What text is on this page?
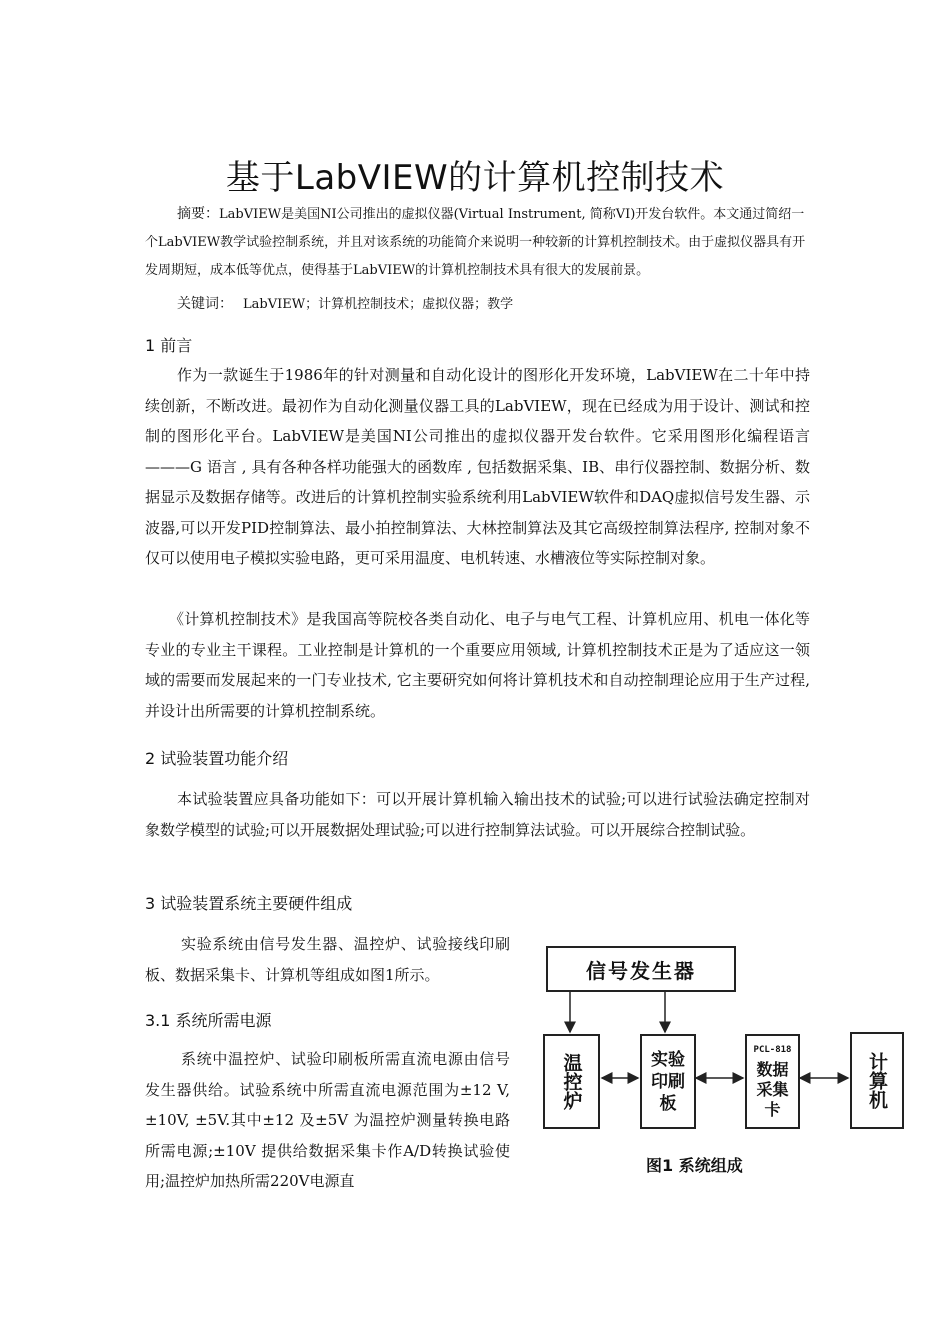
基于LabVIEW的计算机控制技术
摘要：LabVIEW是美国NI公司推出的虚拟仪器(Virtual Instrument, 简称VI)开发台软件。本文通过简绍一个LabVIEW教学试验控制系统，并且对该系统的功能简介来说明一种较新的计算机控制技术。由于虚拟仪器具有开发周期短，成本低等优点，使得基于LabVIEW的计算机控制技术具有很大的发展前景。
关键词： LabVIEW；计算机控制技术；虚拟仪器；教学
1 前言
作为一款诞生于1986年的针对测量和自动化设计的图形化开发环境，LabVIEW在二十年中持续创新，不断改进。最初作为自动化测量仪器工具的LabVIEW，现在已经成为用于设计、测试和控制的图形化平台。LabVIEW是美国NI公司推出的虚拟仪器开发台软件。它采用图形化编程语言 ———G 语言 , 具有各种各样功能强大的函数库 , 包括数据采集、IB、串行仪器控制、数据分析、数据显示及数据存储等。改进后的计算机控制实验系统利用LabVIEW软件和DAQ虚拟信号发生器、示波器,可以开发PID控制算法、最小拍控制算法、大林控制算法及其它高级控制算法程序, 控制对象不仅可以使用电子模拟实验电路，更可采用温度、电机转速、水槽液位等实际控制对象。
《计算机控制技术》是我国高等院校各类自动化、电子与电气工程、计算机应用、机电一体化等专业的专业主干课程。工业控制是计算机的一个重要应用领域, 计算机控制技术正是为了适应这一领域的需要而发展起来的一门专业技术, 它主要研究如何将计算机技术和自动控制理论应用于生产过程, 并设计出所需要的计算机控制系统。
2 试验装置功能介绍
本试验装置应具备功能如下：可以开展计算机输入输出技术的试验;可以进行试验法确定控制对象数学模型的试验;可以开展数据处理试验;可以进行控制算法试验。可以开展综合控制试验。
3 试验装置系统主要硬件组成
实验系统由信号发生器、温控炉、试验接线印刷板、数据采集卡、计算机等组成如图1所示。
3.1 系统所需电源
系统中温控炉、试验印刷板所需直流电源由信号发生器供给。试验系统中所需直流电源范围为±12 V,±10V, ±5V.其中±12 及±5V 为温控炉测量转换电路所需电源;±10V 提供给数据采集卡作A/D转换试验使用;温控炉加热所需220V电源直
信号发生器
温控炉	实验
印刷
板
PCL-818
数据
采集
卡	计算机
图1 系统组成
